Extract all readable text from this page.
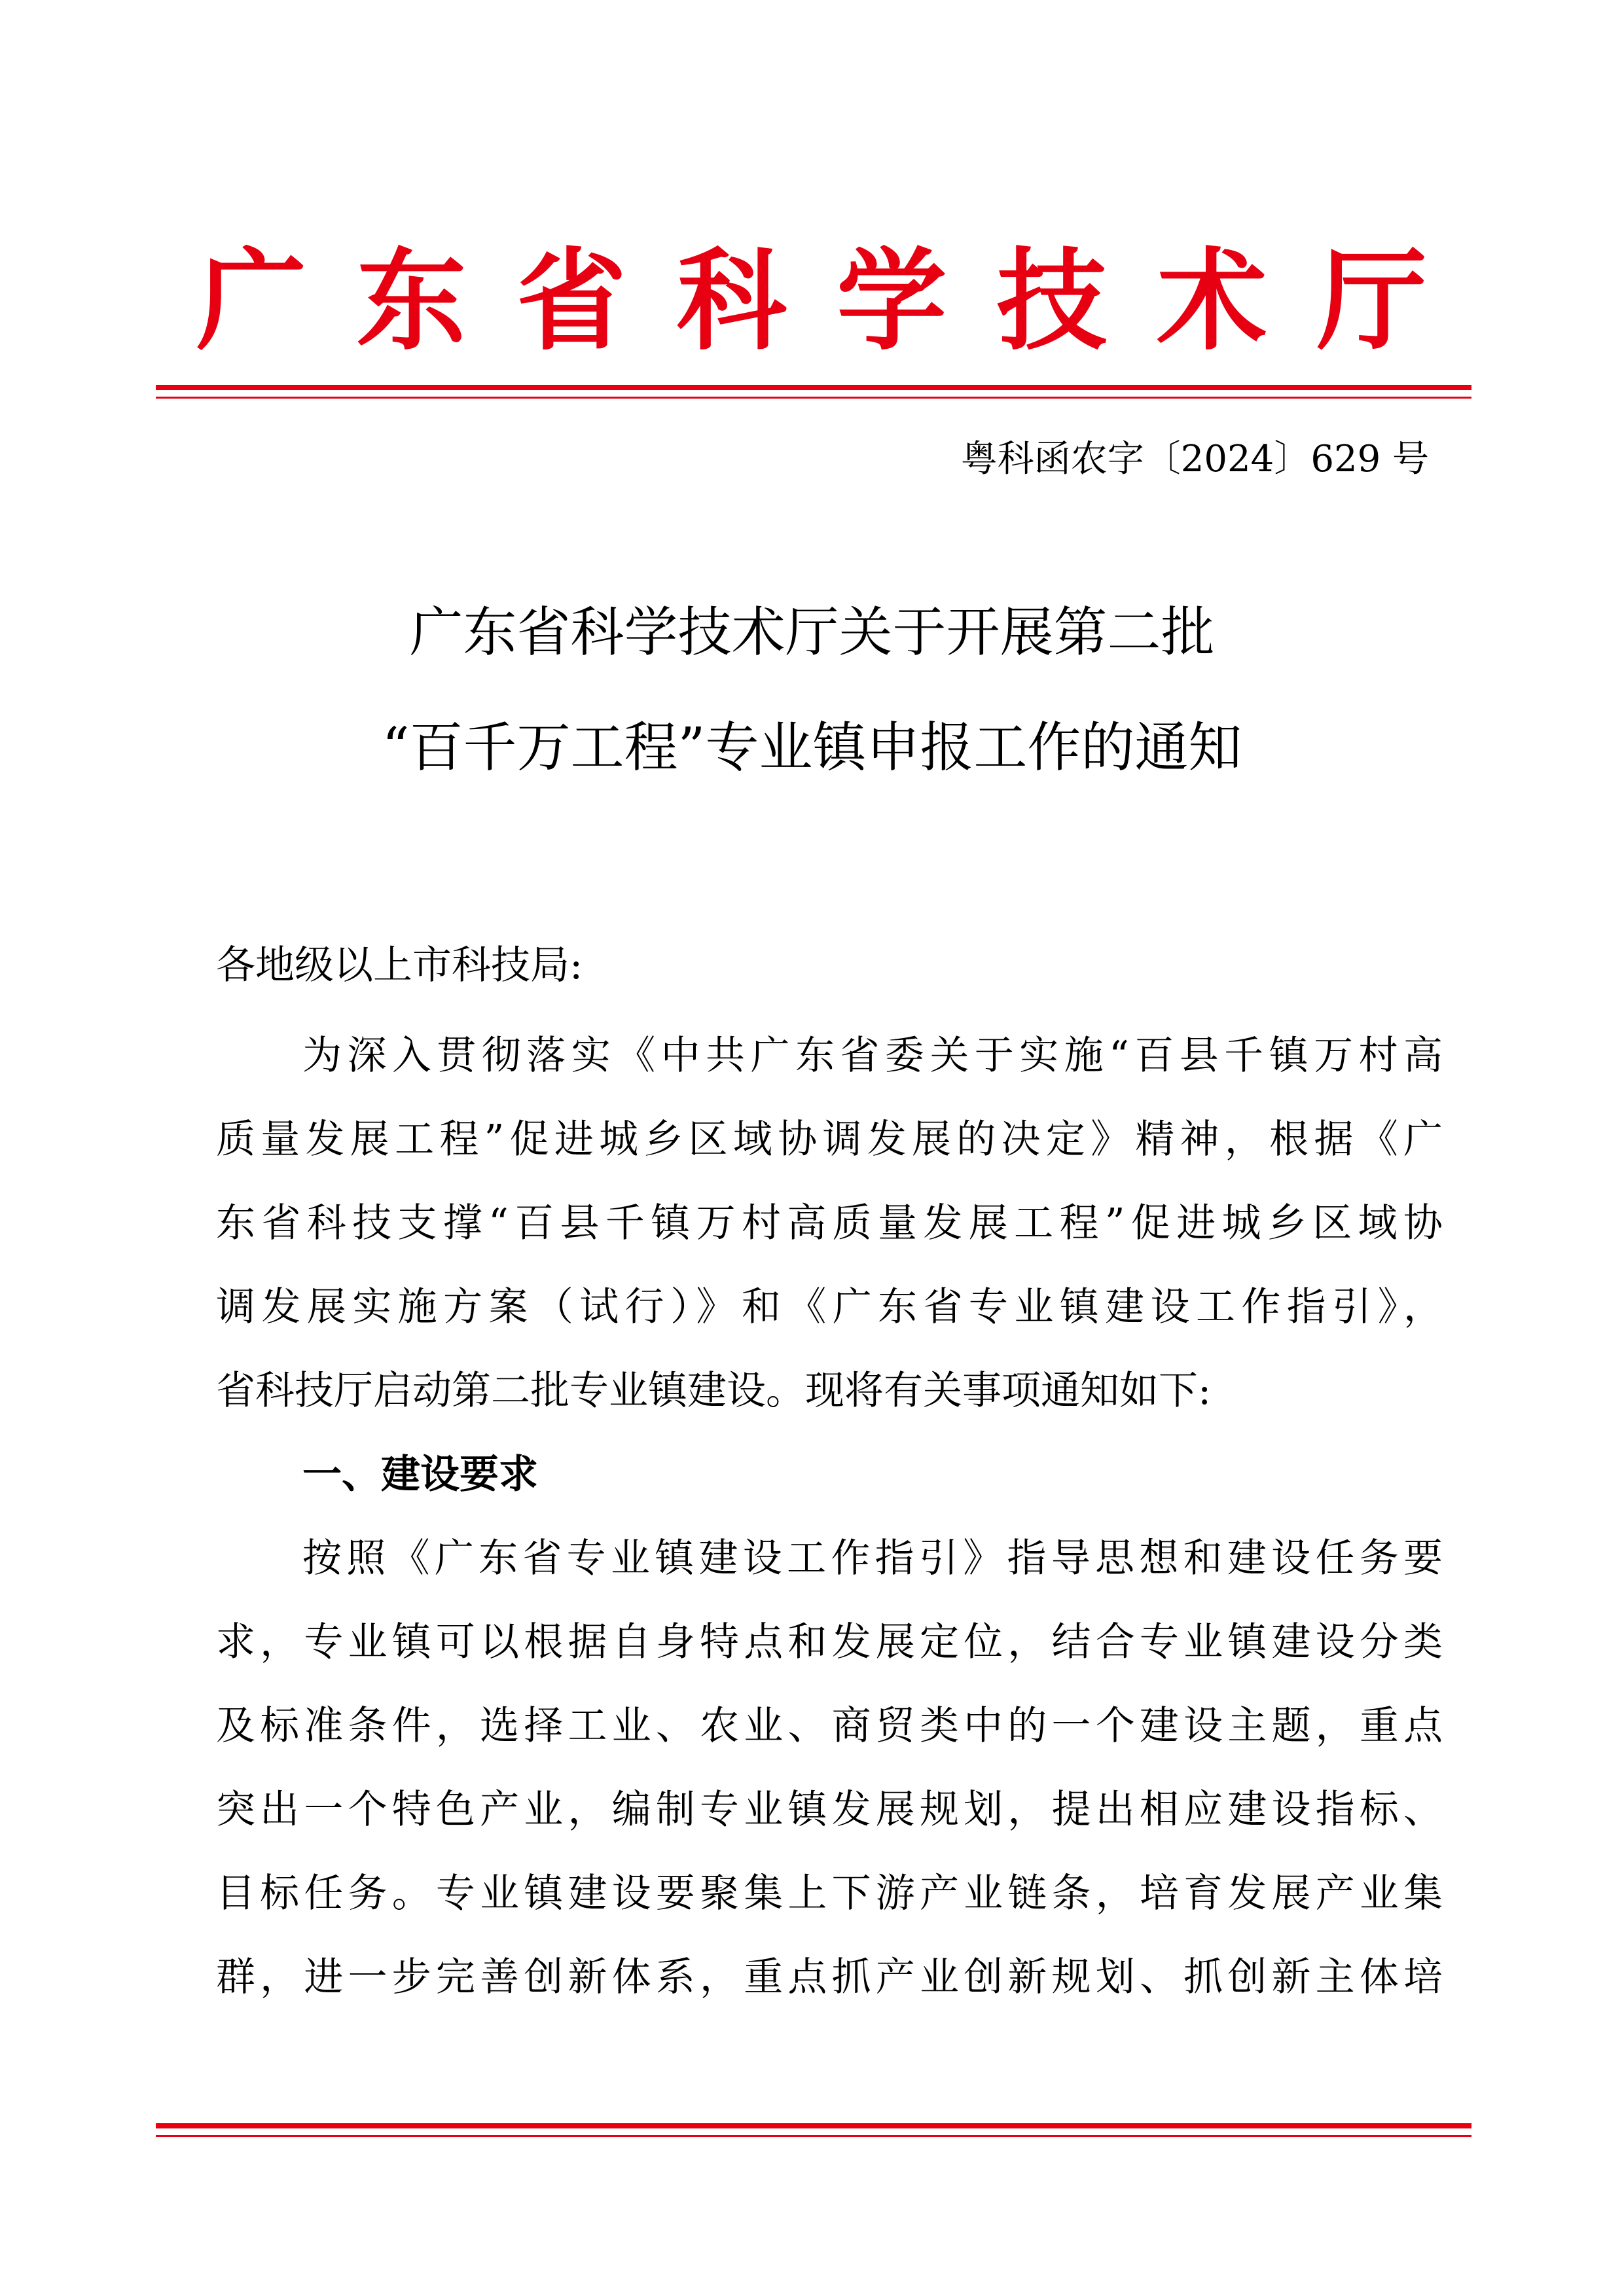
广 东 省 科 学 技 术 厅
粤科函农字〔2024〕629 号
广东省科学技术厅关于开展第二批
“百千万工程”专业镇申报工作的通知
各地级以上市科技局:
为深入贯彻落实《中共广东省委关于实施“百县千镇万村高
质量发展工程”促进城乡区域协调发展的决定》精神，根据《广
东省科技支撑“百县千镇万村高质量发展工程”促进城乡区域协
调发展实施方案（试行）》和《广东省专业镇建设工作指引》，
省科技厅启动第二批专业镇建设。现将有关事项通知如下:
一、建设要求
按照《广东省专业镇建设工作指引》指导思想和建设任务要
求，专业镇可以根据自身特点和发展定位，结合专业镇建设分类
及标准条件，选择工业、农业、商贸类中的一个建设主题，重点
突出一个特色产业，编制专业镇发展规划，提出相应建设指标、
目标任务。专业镇建设要聚集上下游产业链条，培育发展产业集
群，进一步完善创新体系，重点抓产业创新规划、抓创新主体培
